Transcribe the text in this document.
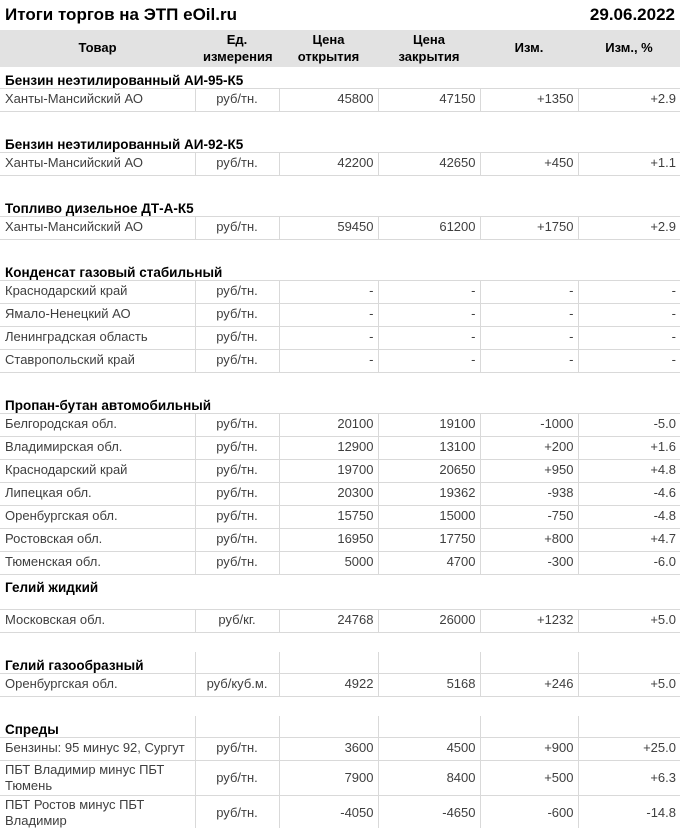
Итоги торгов на ЭТП eOil.ru	29.06.2022
Товар	Ед. измерения	Цена открытия	Цена закрытия	Изм.	Изм., %
Бензин неэтилированный АИ-95-К5					
Ханты-Мансийский АО	руб/тн.	45800	47150	+1350	+2.9

Бензин неэтилированный АИ-92-К5					
Ханты-Мансийский АО	руб/тн.	42200	42650	+450	+1.1

Топливо дизельное ДТ-А-К5					
Ханты-Мансийский АО	руб/тн.	59450	61200	+1750	+2.9

Конденсат газовый стабильный					
Краснодарский край	руб/тн.	-	-	-	-
Ямало-Ненецкий АО	руб/тн.	-	-	-	-
Ленинградская область	руб/тн.	-	-	-	-
Ставропольский край	руб/тн.	-	-	-	-

Пропан-бутан автомобильный					
Белгородская обл.	руб/тн.	20100	19100	-1000	-5.0
Владимирская обл.	руб/тн.	12900	13100	+200	+1.6
Краснодарский край	руб/тн.	19700	20650	+950	+4.8
Липецкая обл.	руб/тн.	20300	19362	-938	-4.6
Оренбургская обл.	руб/тн.	15750	15000	-750	-4.8
Ростовская обл.	руб/тн.	16950	17750	+800	+4.7
Тюменская обл.	руб/тн.	5000	4700	-300	-6.0
Гелий жидкий					

Московская обл.	руб/кг.	24768	26000	+1232	+5.0

Гелий газообразный					
Оренбургская обл.	руб/куб.м.	4922	5168	+246	+5.0

Спреды					
Бензины: 95 минус 92, Сургут	руб/тн.	3600	4500	+900	+25.0
ПБТ Владимир минус ПБТ Тюмень	руб/тн.	7900	8400	+500	+6.3
ПБТ Ростов минус ПБТ Владимир	руб/тн.	-4050	-4650	-600	-14.8
